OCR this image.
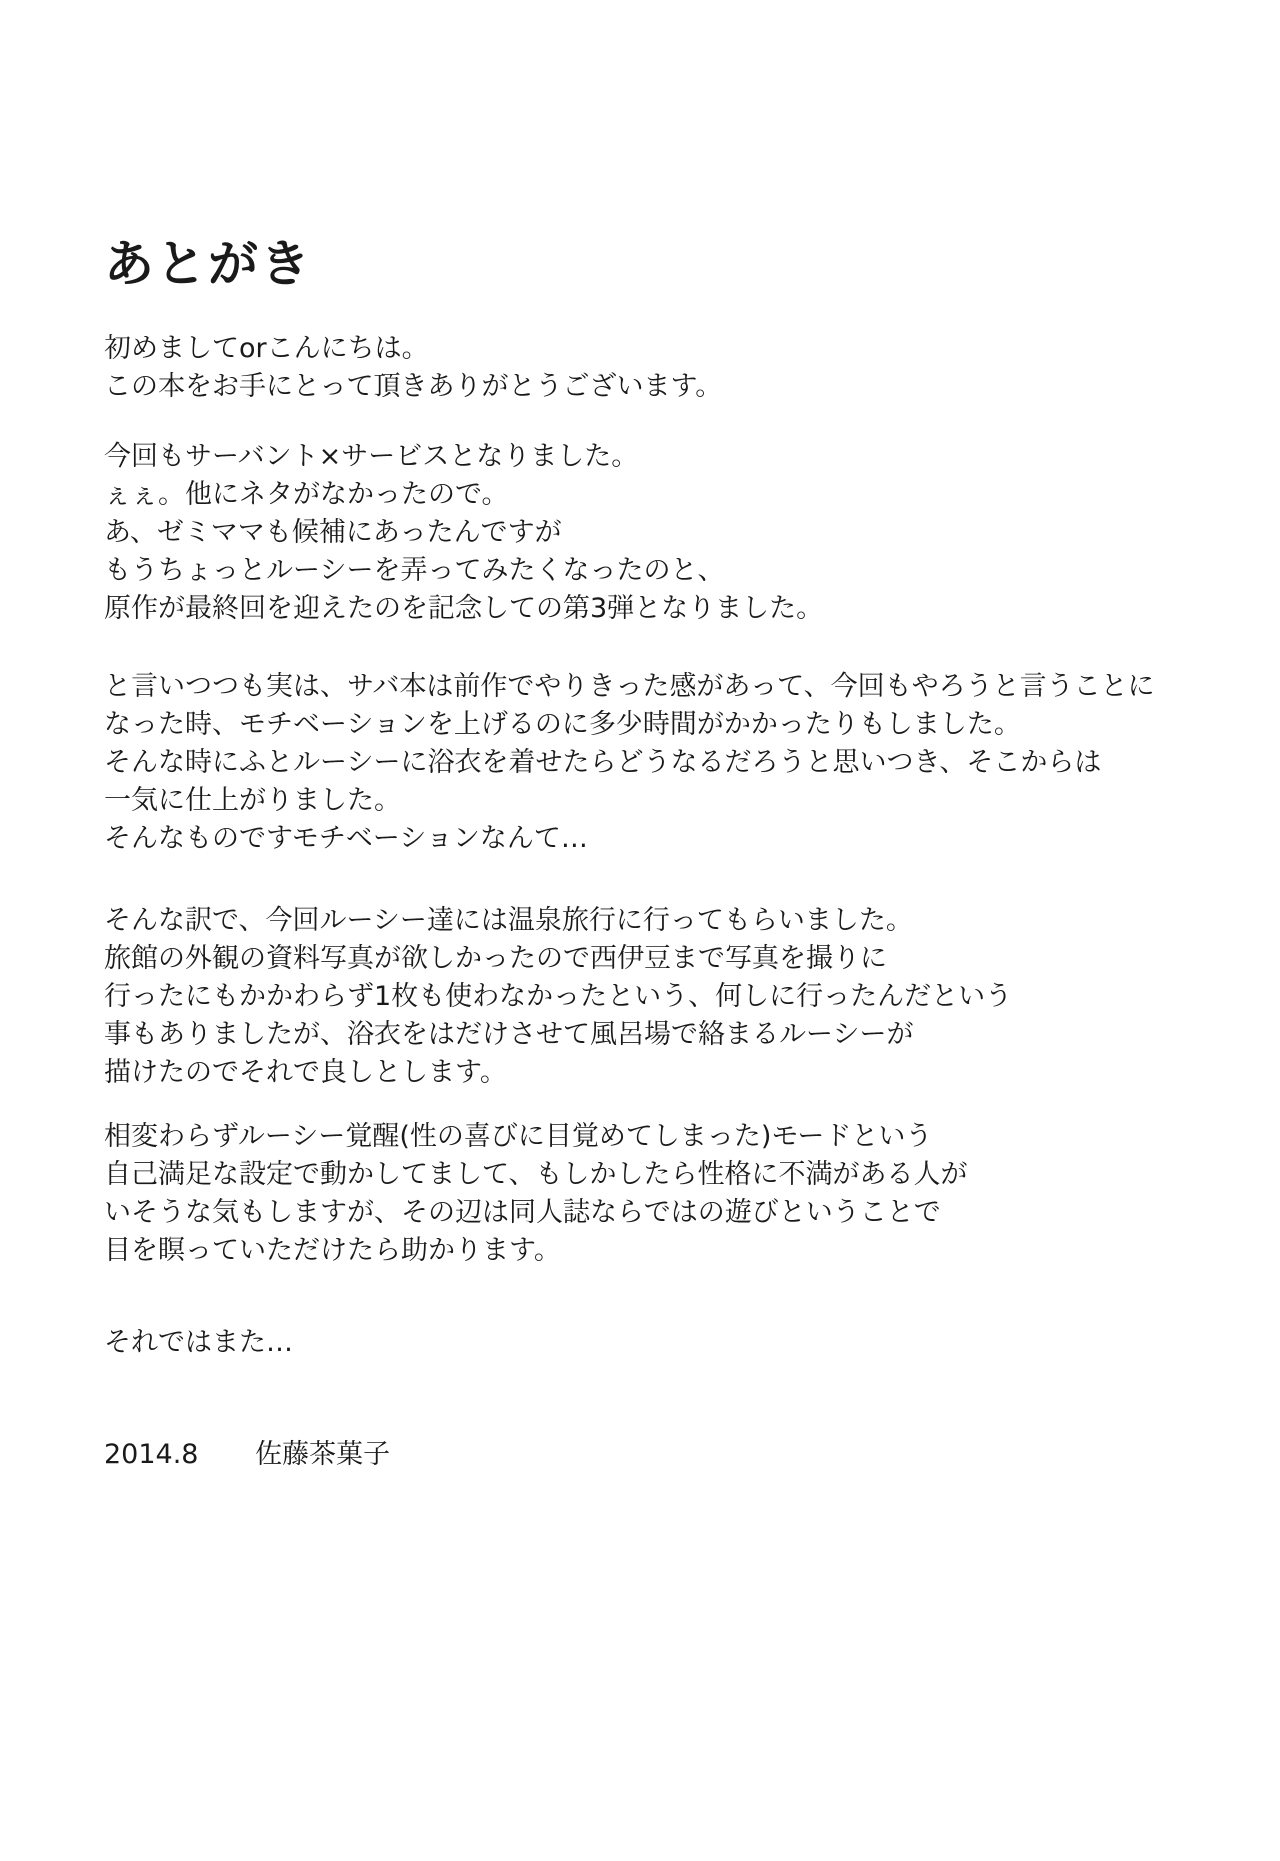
あとがき
初めましてorこんにちは。
この本をお手にとって頂きありがとうございます。
今回もサーバント×サービスとなりました。
ぇぇ。他にネタがなかったので。
あ、ゼミママも候補にあったんですが
もうちょっとルーシーを弄ってみたくなったのと、
原作が最終回を迎えたのを記念しての第3弾となりました。
と言いつつも実は、サバ本は前作でやりきった感があって、今回もやろうと言うことに
なった時、モチベーションを上げるのに多少時間がかかったりもしました。
そんな時にふとルーシーに浴衣を着せたらどうなるだろうと思いつき、そこからは
一気に仕上がりました。
そんなものですモチベーションなんて…
そんな訳で、今回ルーシー達には温泉旅行に行ってもらいました。
旅館の外観の資料写真が欲しかったので西伊豆まで写真を撮りに
行ったにもかかわらず1枚も使わなかったという、何しに行ったんだという
事もありましたが、浴衣をはだけさせて風呂場で絡まるルーシーが
描けたのでそれで良しとします。
相変わらずルーシー覚醒(性の喜びに目覚めてしまった)モードという
自己満足な設定で動かしてまして、もしかしたら性格に不満がある人が
いそうな気もしますが、その辺は同人誌ならではの遊びということで
目を瞑っていただけたら助かります。
それではまた…
2014.8 佐藤茶菓子
